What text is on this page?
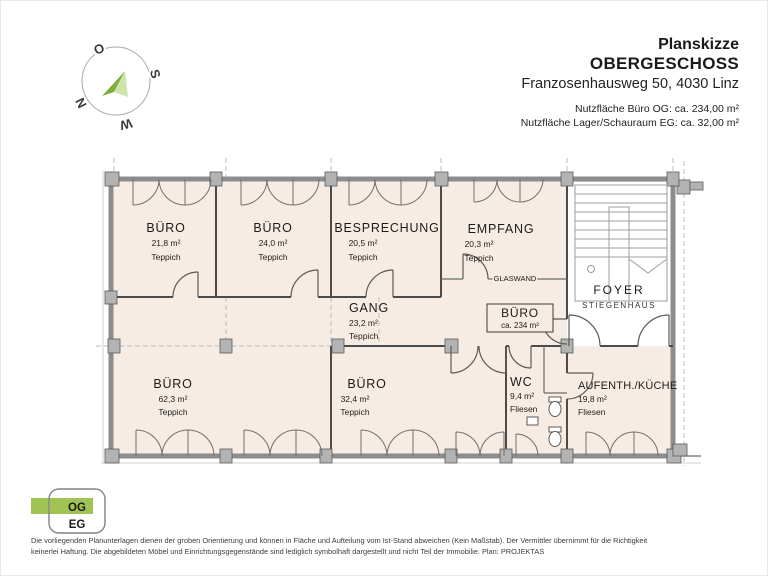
Planskizze
OBERGESCHOSS
Franzosenhausweg 50, 4030 Linz
Nutzfläche Büro OG: ca. 234,00 m²
Nutzfläche Lager/Schauraum EG: ca. 32,00 m²
O
S
W
N
BÜRO
21,8 m²
Teppich
BÜRO
24,0 m²
Teppich
BESPRECHUNG
20,5 m²
Teppich
EMPFANG
20,3 m²
Teppich
GANG
23,2 m²
Teppich
BÜRO
62,3 m²
Teppich
BÜRO
32,4 m²
Teppich
WC
9,4 m²
Fliesen
AUFENTH./KÜCHE
19,8 m²
Fliesen
GLASWAND
FOYER
STIEGENHAUS
BÜRO
ca. 234 m²
OG
EG
Die vorliegenden Planunterlagen dienen der groben Orientierung und können in Fläche und Aufteilung vom Ist-Stand abweichen (Kein Maßstab). Der Vermittler übernimmt für die Richtigkeit
keinerlei Haftung. Die abgebildeten Möbel und Einrichtungsgegenstände sind lediglich symbolhaft dargestellt und nicht Teil der Immobilie. Plan: PROJEKTAS
